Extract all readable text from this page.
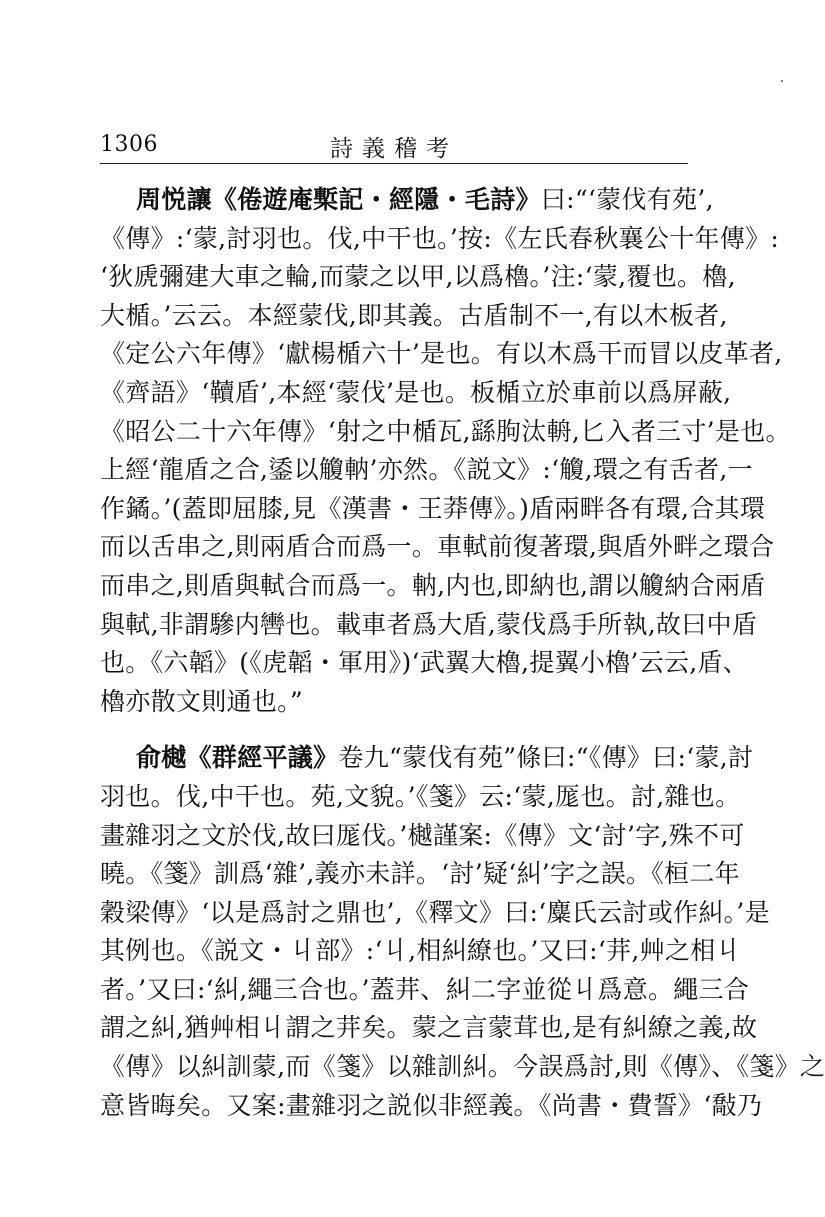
1306	詩義稽考
周悦讓《倦遊庵槧記・經隱・毛詩》曰:“‘蒙伐有苑’,
《傳》:‘蒙,討羽也。伐,中干也。’按:《左氏春秋襄公十年傳》:
‘狄虒彌建大車之輪,而蒙之以甲,以爲櫓。’注:‘蒙,覆也。櫓,
大楯。’云云。本經蒙伐,即其義。古盾制不一,有以木板者,
《定公六年傳》‘獻楊楯六十’是也。有以木爲干而冒以皮革者,
《齊語》‘韇盾’,本經‘蒙伐’是也。板楯立於車前以爲屏蔽,
《昭公二十六年傳》‘射之中楯瓦,繇朐汰輈,匕入者三寸’是也。
上經‘龍盾之合,鋈以觼軜’亦然。《説文》:‘觼,環之有舌者,一
作鐍。’(蓋即屈膝,見《漢書・王莽傳》。)盾兩畔各有環,合其環
而以舌串之,則兩盾合而爲一。車軾前復著環,與盾外畔之環合
而串之,則盾與軾合而爲一。軜,内也,即納也,謂以觼納合兩盾
與軾,非謂驂内轡也。載車者爲大盾,蒙伐爲手所執,故曰中盾
也。《六韜》(《虎韜・軍用》)‘武翼大櫓,提翼小櫓’云云,盾、
櫓亦散文則通也。”
俞樾《群經平議》卷九“蒙伐有苑”條曰:“《傳》曰:‘蒙,討
羽也。伐,中干也。苑,文貌。’《箋》云:‘蒙,厖也。討,雜也。
畫雜羽之文於伐,故曰厖伐。’樾謹案:《傳》文‘討’字,殊不可
曉。《箋》訓爲‘雜’,義亦未詳。‘討’疑‘糾’字之誤。《桓二年
穀梁傳》‘以是爲討之鼎也’,《釋文》曰:‘麋氏云討或作糾。’是
其例也。《説文・丩部》:‘丩,相糾繚也。’又曰:‘茾,艸之相丩
者。’又曰:‘糾,繩三合也。’蓋茾、糾二字並從丩爲意。繩三合
謂之糾,猶艸相丩謂之茾矣。蒙之言蒙茸也,是有糾繚之義,故
《傳》以糾訓蒙,而《箋》以雜訓糾。今誤爲討,則《傳》、《箋》之
意皆晦矣。又案:畫雜羽之説似非經義。《尚書・費誓》‘敽乃
